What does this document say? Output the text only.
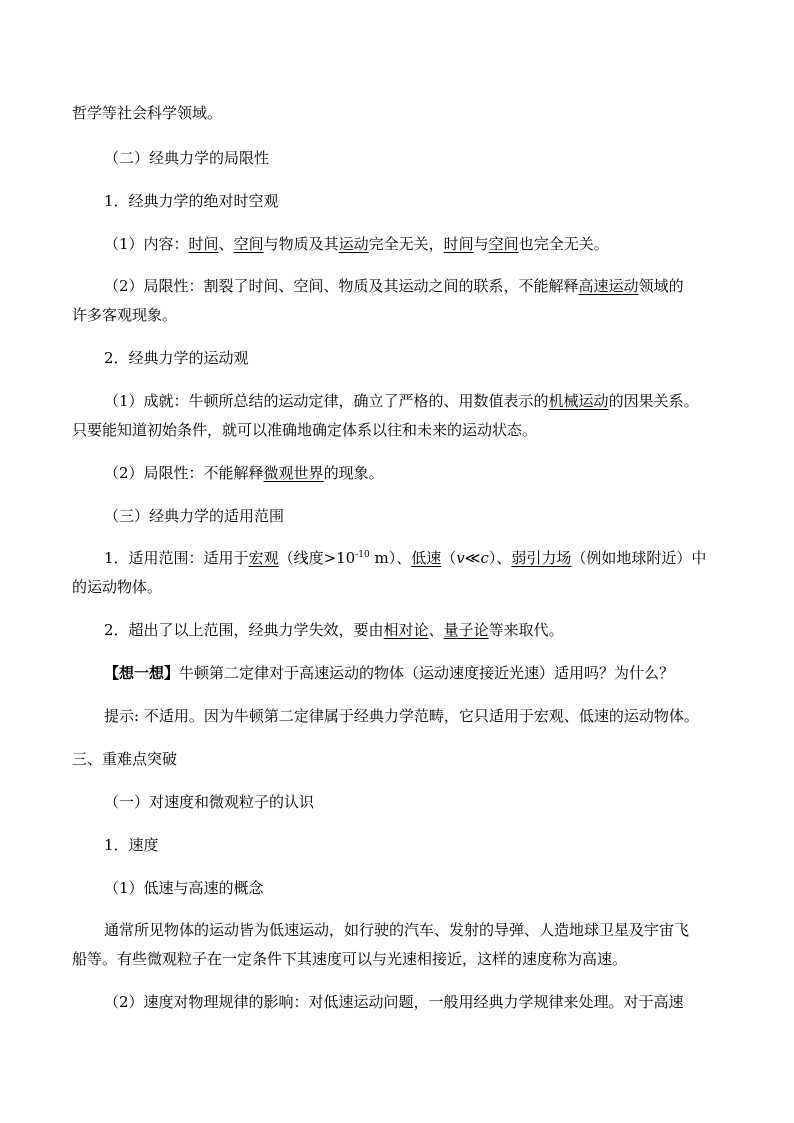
哲学等社会科学领域。
（二）经典力学的局限性
1．经典力学的绝对时空观
（1）内容：时间、空间与物质及其运动完全无关，时间与空间也完全无关。
（2）局限性：割裂了时间、空间、物质及其运动之间的联系，不能解释高速运动领域的
许多客观现象。
2．经典力学的运动观
（1）成就：牛顿所总结的运动定律，确立了严格的、用数值表示的机械运动的因果关系。
只要能知道初始条件，就可以准确地确定体系以往和未来的运动状态。
（2）局限性：不能解释微观世界的现象。
（三）经典力学的适用范围
1．适用范围：适用于宏观（线度$>10^{-10}$ m）、低速（v≪c）、弱引力场（例如地球附近）中
的运动物体。
2．超出了以上范围，经典力学失效，要由相对论、量子论等来取代。
【想一想】牛顿第二定律对于高速运动的物体（运动速度接近光速）适用吗？为什么？
提示: 不适用。因为牛顿第二定律属于经典力学范畴，它只适用于宏观、低速的运动物体。
三、重难点突破
（一）对速度和微观粒子的认识
1．速度
（1）低速与高速的概念
通常所见物体的运动皆为低速运动，如行驶的汽车、发射的导弹、人造地球卫星及宇宙飞
船等。有些微观粒子在一定条件下其速度可以与光速相接近，这样的速度称为高速。
（2）速度对物理规律的影响：对低速运动问题，一般用经典力学规律来处理。对于高速
